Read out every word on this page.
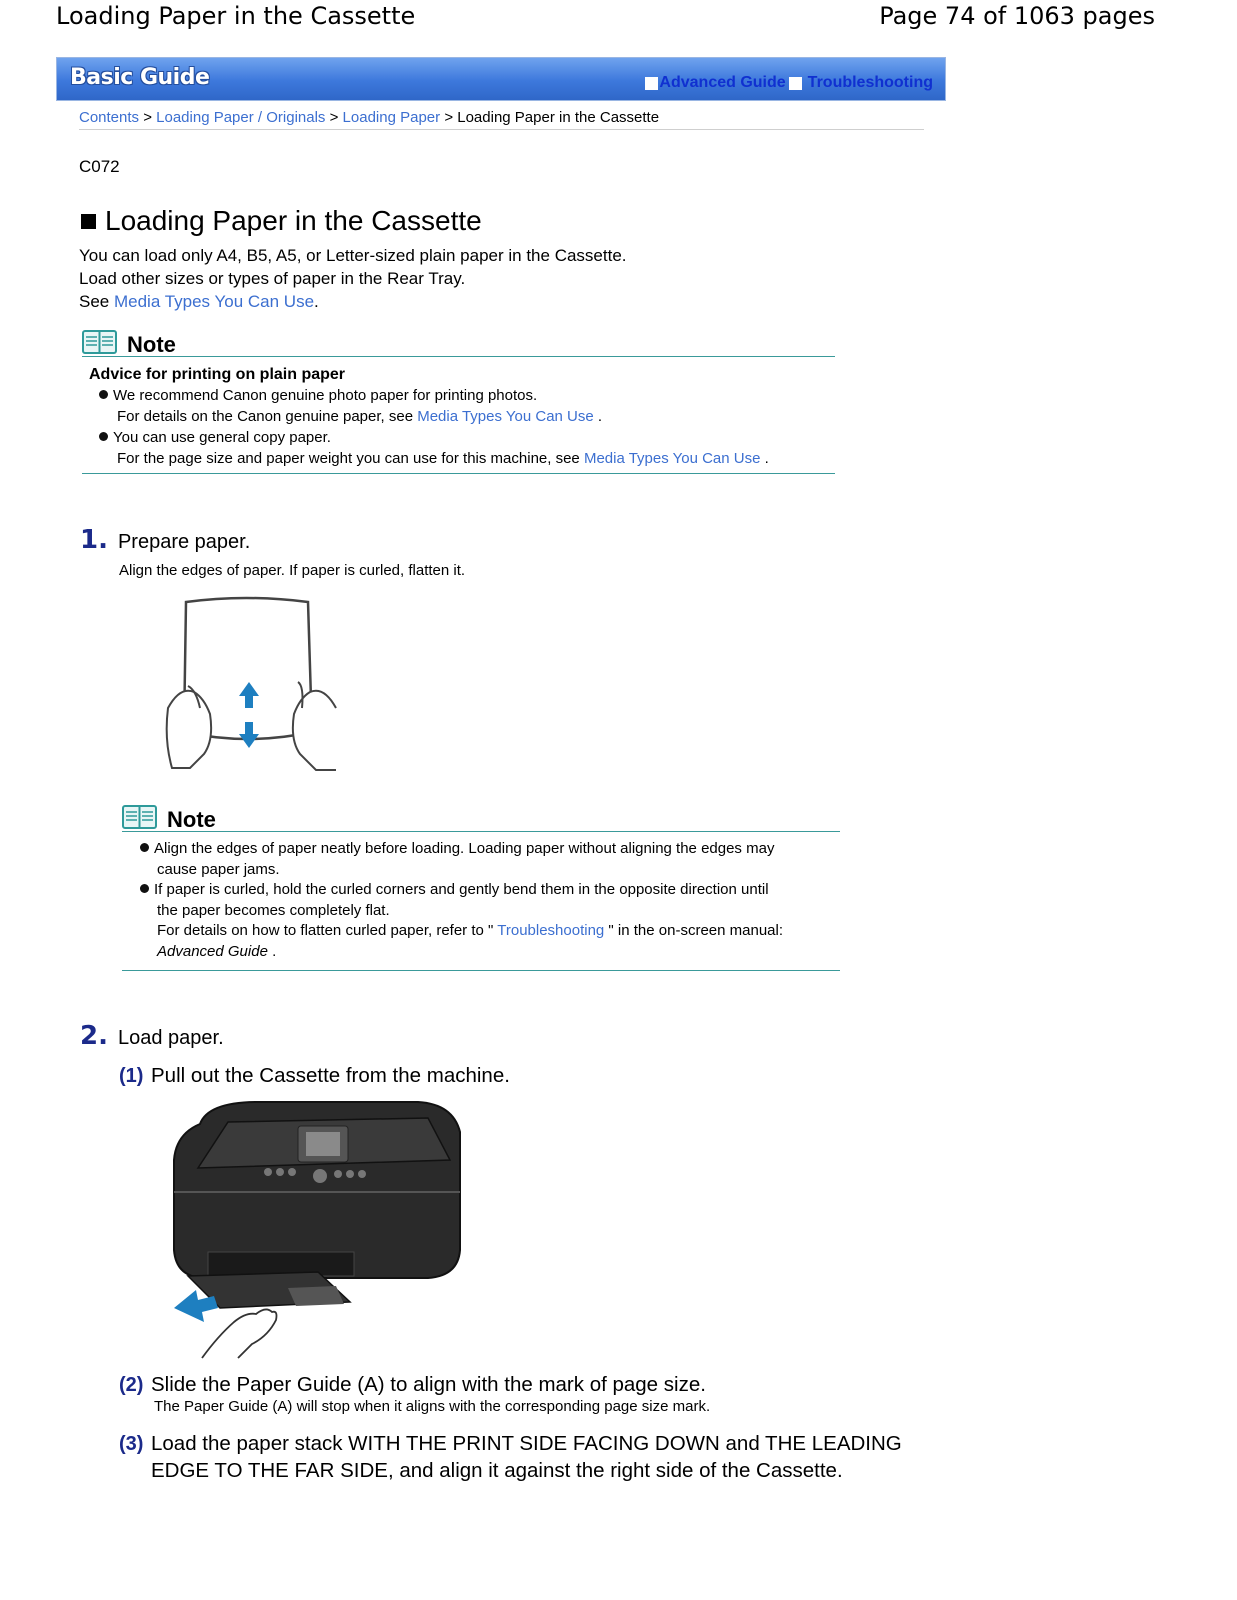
Loading Paper in the Cassette	Page 74 of 1063 pages
Basic Guide	Advanced Guide Troubleshooting
Contents > Loading Paper / Originals > Loading Paper > Loading Paper in the Cassette
C072
Loading Paper in the Cassette
You can load only A4, B5, A5, or Letter-sized plain paper in the Cassette.
Load other sizes or types of paper in the Rear Tray.
See Media Types You Can Use.
Note
Advice for printing on plain paper
We recommend Canon genuine photo paper for printing photos.
For details on the Canon genuine paper, see Media Types You Can Use .
You can use general copy paper.
For the page size and paper weight you can use for this machine, see Media Types You Can Use .
1. Prepare paper.
Align the edges of paper. If paper is curled, flatten it.
Note
Align the edges of paper neatly before loading. Loading paper without aligning the edges may
cause paper jams.
If paper is curled, hold the curled corners and gently bend them in the opposite direction until
the paper becomes completely flat.
For details on how to flatten curled paper, refer to " Troubleshooting " in the on-screen manual:
Advanced Guide .
2. Load paper.
(1) Pull out the Cassette from the machine.
(2) Slide the Paper Guide (A) to align with the mark of page size.
The Paper Guide (A) will stop when it aligns with the corresponding page size mark.
(3) Load the paper stack WITH THE PRINT SIDE FACING DOWN and THE LEADING EDGE TO THE FAR SIDE, and align it against the right side of the Cassette.
